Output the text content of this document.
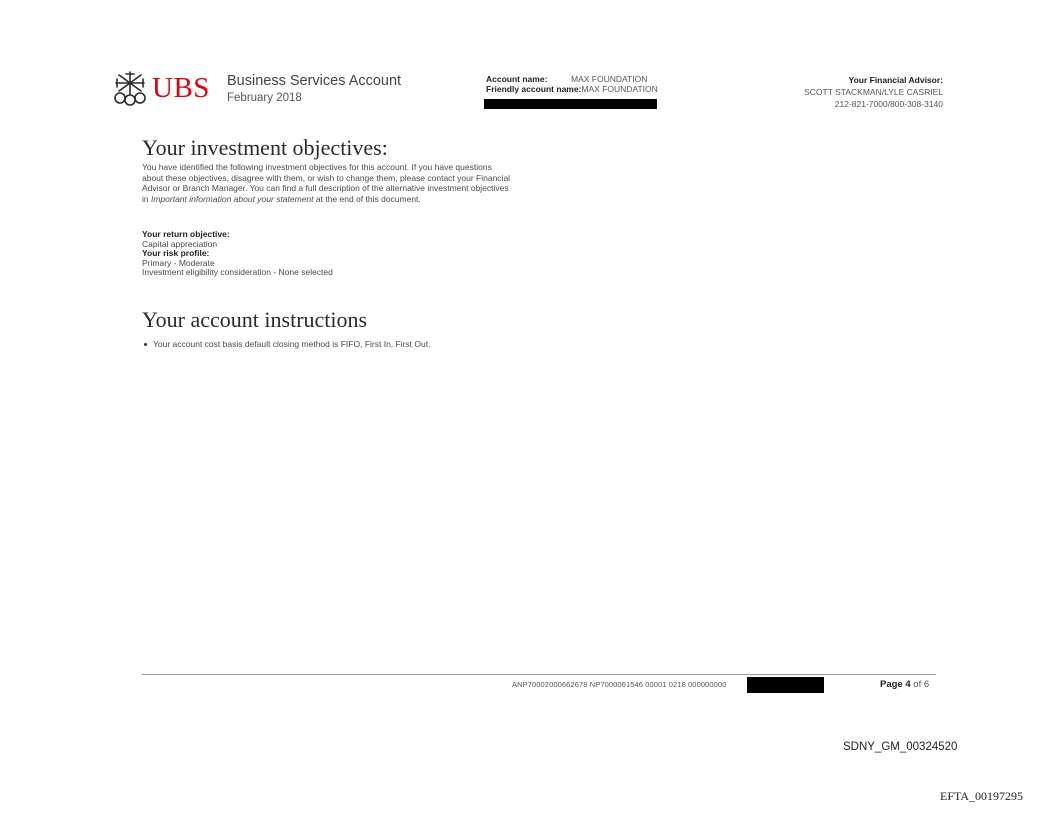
UBS Business Services Account
February 2018
Account name:	MAX FOUNDATION
Friendly account name:MAX FOUNDATION
Your Financial Advisor:
SCOTT STACKMAN/LYLE CASRIEL
212-821-7000/800-308-3140
Your investment objectives:
You have identified the following investment objectives for this account. If you have questions about these objectives, disagree with them, or wish to change them, please contact your Financial Advisor or Branch Manager. You can find a full description of the alternative investment objectives in Important information about your statement at the end of this document.
Your return objective:
Capital appreciation
Your risk profile:
Primary - Moderate
Investment eligibility consideration - None selected
Your account instructions
Your account cost basis default closing method is FIFO, First In, First Out.
ANP70002000662678 NP7000061546 00001 0218 000000000	Page 4 of 6
SDNY_GM_00324520
EFTA_00197295
